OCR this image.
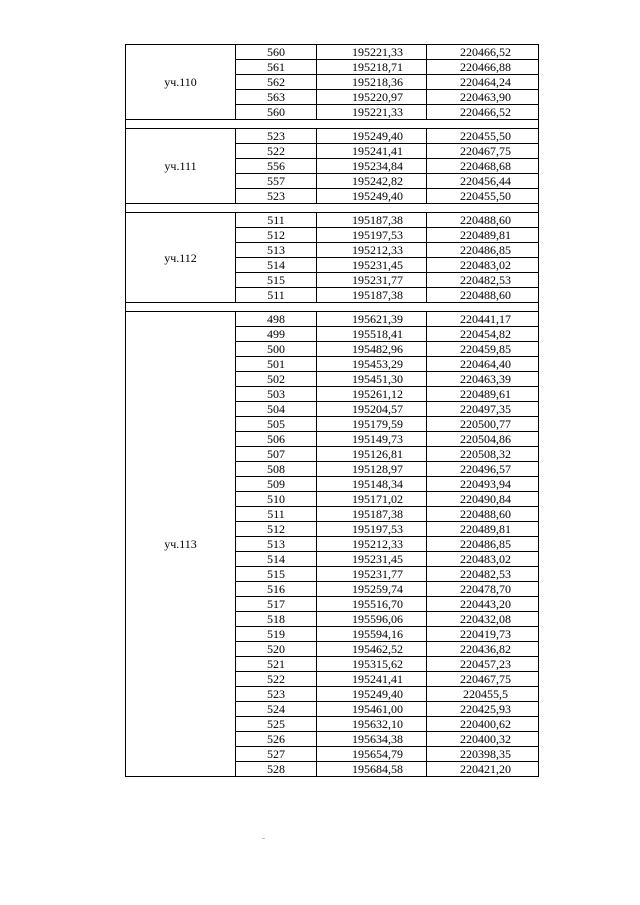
уч.110	560	195221,33	220466,52
	561	195218,71	220466,88
	562	195218,36	220464,24
	563	195220,97	220463,90
	560	195221,33	220466,52

уч.111	523	195249,40	220455,50
	522	195241,41	220467,75
	556	195234,84	220468,68
	557	195242,82	220456,44
	523	195249,40	220455,50

уч.112	511	195187,38	220488,60
	512	195197,53	220489,81
	513	195212,33	220486,85
	514	195231,45	220483,02
	515	195231,77	220482,53
	511	195187,38	220488,60

уч.113	498	195621,39	220441,17
	499	195518,41	220454,82
	500	195482,96	220459,85
	501	195453,29	220464,40
	502	195451,30	220463,39
	503	195261,12	220489,61
	504	195204,57	220497,35
	505	195179,59	220500,77
	506	195149,73	220504,86
	507	195126,81	220508,32
	508	195128,97	220496,57
	509	195148,34	220493,94
	510	195171,02	220490,84
	511	195187,38	220488,60
	512	195197,53	220489,81
	513	195212,33	220486,85
	514	195231,45	220483,02
	515	195231,77	220482,53
	516	195259,74	220478,70
	517	195516,70	220443,20
	518	195596,06	220432,08
	519	195594,16	220419,73
	520	195462,52	220436,82
	521	195315,62	220457,23
	522	195241,41	220467,75
	523	195249,40	220455,5
	524	195461,00	220425,93
	525	195632,10	220400,62
	526	195634,38	220400,32
	527	195654,79	220398,35
	528	195684,58	220421,20
